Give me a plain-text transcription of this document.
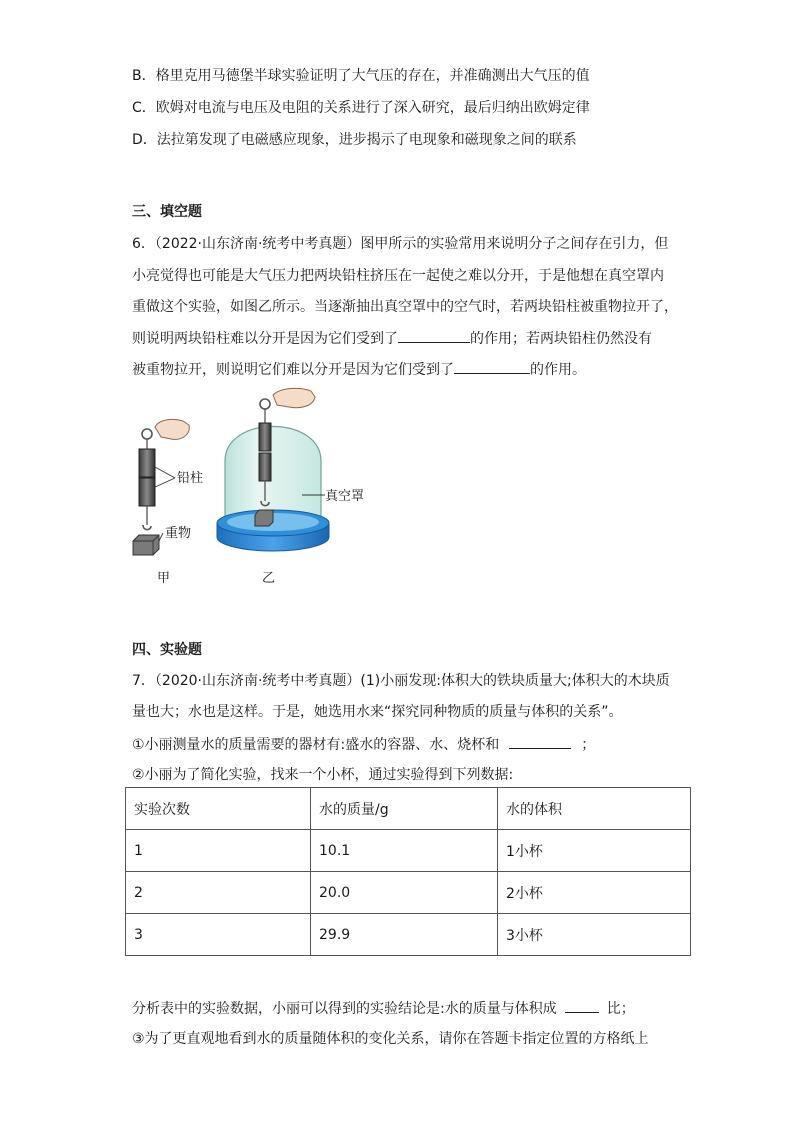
B．格里克用马德堡半球实验证明了大气压的存在，并准确测出大气压的值
C．欧姆对电流与电压及电阻的关系进行了深入研究，最后归纳出欧姆定律
D．法拉第发现了电磁感应现象，进步揭示了电现象和磁现象之间的联系
三、填空题
6．（2022·山东济南·统考中考真题）图甲所示的实验常用来说明分子之间存在引力，但
小亮觉得也可能是大气压力把两块铅柱挤压在一起使之难以分开，于是他想在真空罩内
重做这个实验，如图乙所示。当逐渐抽出真空罩中的空气时，若两块铅柱被重物拉开了，
则说明两块铅柱难以分开是因为它们受到了	的作用；若两块铅柱仍然没有
被重物拉开，则说明它们难以分开是因为它们受到了	的作用。
铅柱
重物
甲
真空罩
乙
四、实验题
7．（2020·山东济南·统考中考真题）(1)小丽发现:体积大的铁块质量大;体积大的木块质
量也大；水也是这样。于是，她选用水来“探究同种物质的质量与体积的关系”。
①小丽测量水的质量需要的器材有:盛水的容器、水、烧杯和	；
②小丽为了简化实验，找来一个小杯，通过实验得到下列数据:
实验次数	水的质量/g	水的体积
1	10.1	1小杯
2	20.0	2小杯
3	29.9	3小杯
分析表中的实验数据，小丽可以得到的实验结论是:水的质量与体积成	比；
③为了更直观地看到水的质量随体积的变化关系，请你在答题卡指定位置的方格纸上
